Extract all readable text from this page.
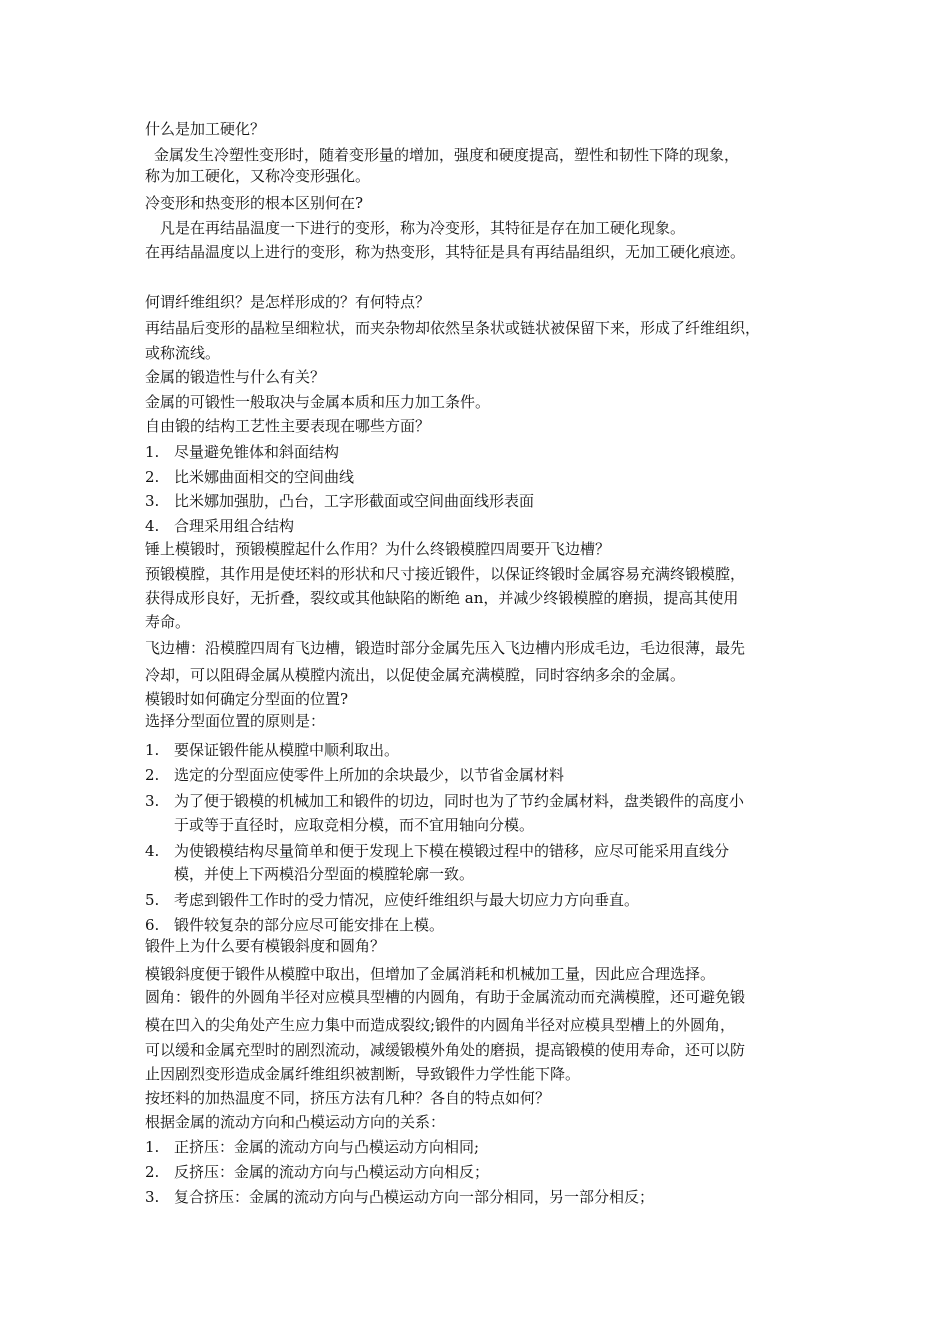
什么是加工硬化？
金属发生冷塑性变形时，随着变形量的增加，强度和硬度提高，塑性和韧性下降的现象，
称为加工硬化，又称冷变形强化。
冷变形和热变形的根本区别何在?
凡是在再结晶温度一下进行的变形，称为冷变形，其特征是存在加工硬化现象。
在再结晶温度以上进行的变形，称为热变形，其特征是具有再结晶组织，无加工硬化痕迹。
何谓纤维组织？是怎样形成的？有何特点？
再结晶后变形的晶粒呈细粒状，而夹杂物却依然呈条状或链状被保留下来，形成了纤维组织，
或称流线。
金属的锻造性与什么有关？
金属的可锻性一般取决与金属本质和压力加工条件。
自由锻的结构工艺性主要表现在哪些方面？
1. 尽量避免锥体和斜面结构
2. 比米娜曲面相交的空间曲线
3. 比米娜加强肋，凸台，工字形截面或空间曲面线形表面
4. 合理采用组合结构
锤上模锻时，预锻模膛起什么作用？为什么终锻模膛四周要开飞边槽？
预锻模膛，其作用是使坯料的形状和尺寸接近锻件，以保证终锻时金属容易充满终锻模膛，
获得成形良好，无折叠，裂纹或其他缺陷的断绝 an，并减少终锻模膛的磨损，提高其使用
寿命。
飞边槽：沿模膛四周有飞边槽，锻造时部分金属先压入飞边槽内形成毛边，毛边很薄，最先
冷却，可以阻碍金属从模膛内流出，以促使金属充满模膛，同时容纳多余的金属。
模锻时如何确定分型面的位置?
选择分型面位置的原则是：
1. 要保证锻件能从模膛中顺利取出。
2. 选定的分型面应使零件上所加的余块最少，以节省金属材料
3. 为了便于锻模的机械加工和锻件的切边，同时也为了节约金属材料，盘类锻件的高度小
于或等于直径时，应取竞相分模，而不宜用轴向分模。
4. 为使锻模结构尽量简单和便于发现上下模在模锻过程中的错移，应尽可能采用直线分
模，并使上下两模沿分型面的模膛轮廓一致。
5. 考虑到锻件工作时的受力情况，应使纤维组织与最大切应力方向垂直。
6. 锻件较复杂的部分应尽可能安排在上模。
锻件上为什么要有模锻斜度和圆角？
模锻斜度便于锻件从模膛中取出，但增加了金属消耗和机械加工量，因此应合理选择。
圆角：锻件的外圆角半径对应模具型槽的内圆角，有助于金属流动而充满模膛，还可避免锻
模在凹入的尖角处产生应力集中而造成裂纹;锻件的内圆角半径对应模具型槽上的外圆角，
可以缓和金属充型时的剧烈流动，减缓锻模外角处的磨损，提高锻模的使用寿命，还可以防
止因剧烈变形造成金属纤维组织被割断，导致锻件力学性能下降。
按坯料的加热温度不同，挤压方法有几种？各自的特点如何？
根据金属的流动方向和凸模运动方向的关系：
1. 正挤压：金属的流动方向与凸模运动方向相同;
2. 反挤压：金属的流动方向与凸模运动方向相反；
3. 复合挤压：金属的流动方向与凸模运动方向一部分相同，另一部分相反；
